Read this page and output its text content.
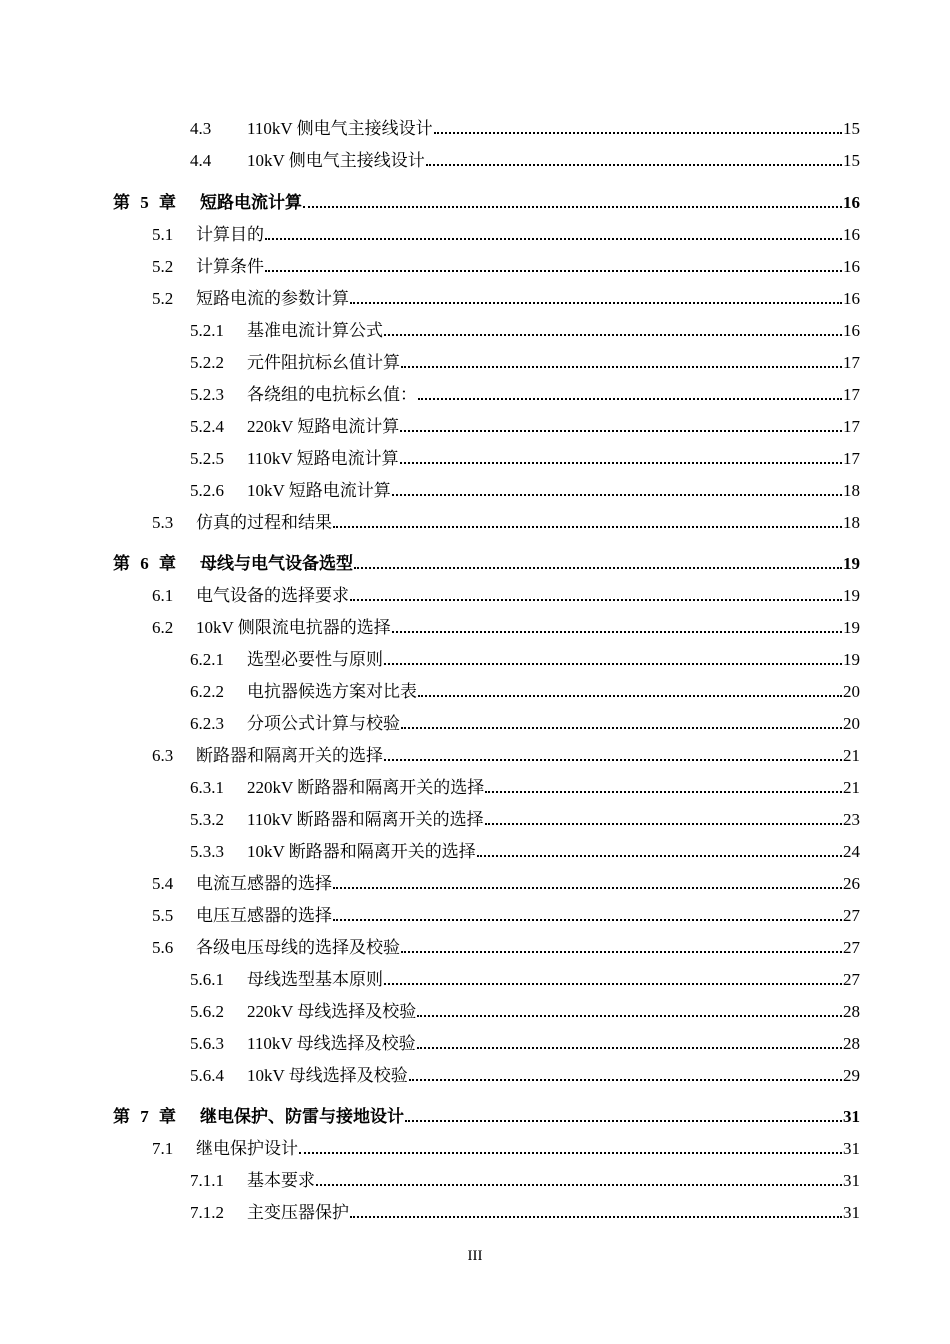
4.3	110kV 侧电气主接线设计	15
4.4	10kV 侧电气主接线设计	15
第 5 章	短路电流计算	16
5.1	计算目的	16
5.2	计算条件	16
5.2	短路电流的参数计算	16
5.2.1	基准电流计算公式	16
5.2.2	元件阻抗标幺值计算	17
5.2.3	各绕组的电抗标幺值：	17
5.2.4	220kV 短路电流计算	17
5.2.5	110kV 短路电流计算	17
5.2.6	10kV 短路电流计算	18
5.3	仿真的过程和结果	18
第 6 章	母线与电气设备选型	19
6.1	电气设备的选择要求	19
6.2	10kV 侧限流电抗器的选择	19
6.2.1	选型必要性与原则	19
6.2.2	电抗器候选方案对比表	20
6.2.3	分项公式计算与校验	20
6.3	断路器和隔离开关的选择	21
6.3.1	220kV 断路器和隔离开关的选择	21
5.3.2	110kV 断路器和隔离开关的选择	23
5.3.3	10kV 断路器和隔离开关的选择	24
5.4	电流互感器的选择	26
5.5	电压互感器的选择	27
5.6	各级电压母线的选择及校验	27
5.6.1	母线选型基本原则	27
5.6.2	220kV 母线选择及校验	28
5.6.3	110kV 母线选择及校验	28
5.6.4	10kV 母线选择及校验	29
第 7 章	继电保护、防雷与接地设计	31
7.1	继电保护设计	31
7.1.1	基本要求	31
7.1.2	主变压器保护	31
III
